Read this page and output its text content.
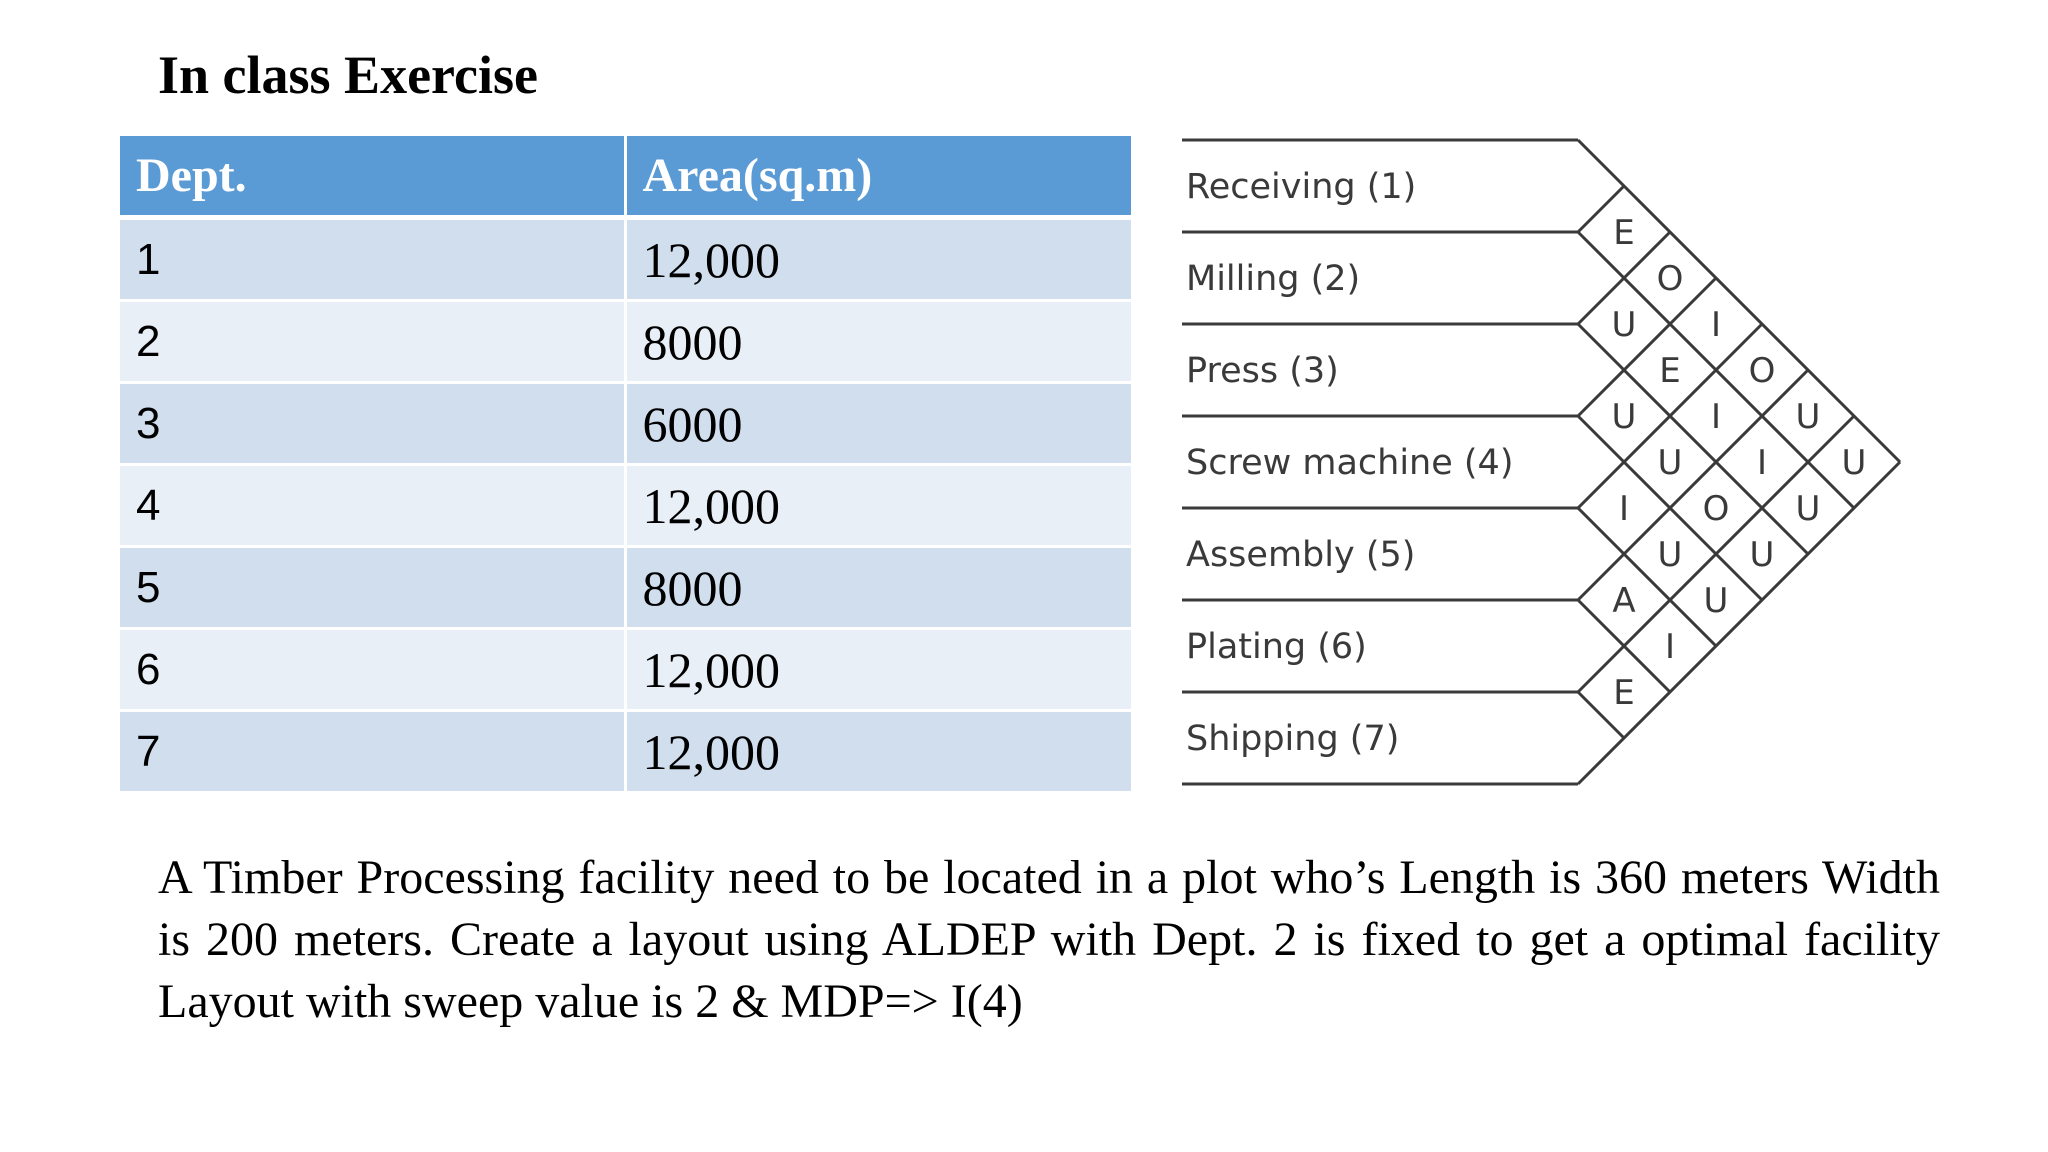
In class Exercise
Dept.	Area(sq.m)
1	12,000
2	8000
3	6000
4	12,000
5	8000
6	12,000
7	12,000
Receiving (1)
Milling (2)
Press (3)
Screw machine (4)
Assembly (5)
Plating (6)
Shipping (7)
E
U
U
I
A
E
O
E
U
U
I
I
I
O
U
O
I
U
U
U
U

A Timber Processing facility need to be located in a plot who’s Length is 360 meters Width is 200 meters. Create a layout using ALDEP with Dept. 2 is fixed to get a optimal facility Layout with sweep value is 2 & MDP=> I(4)
